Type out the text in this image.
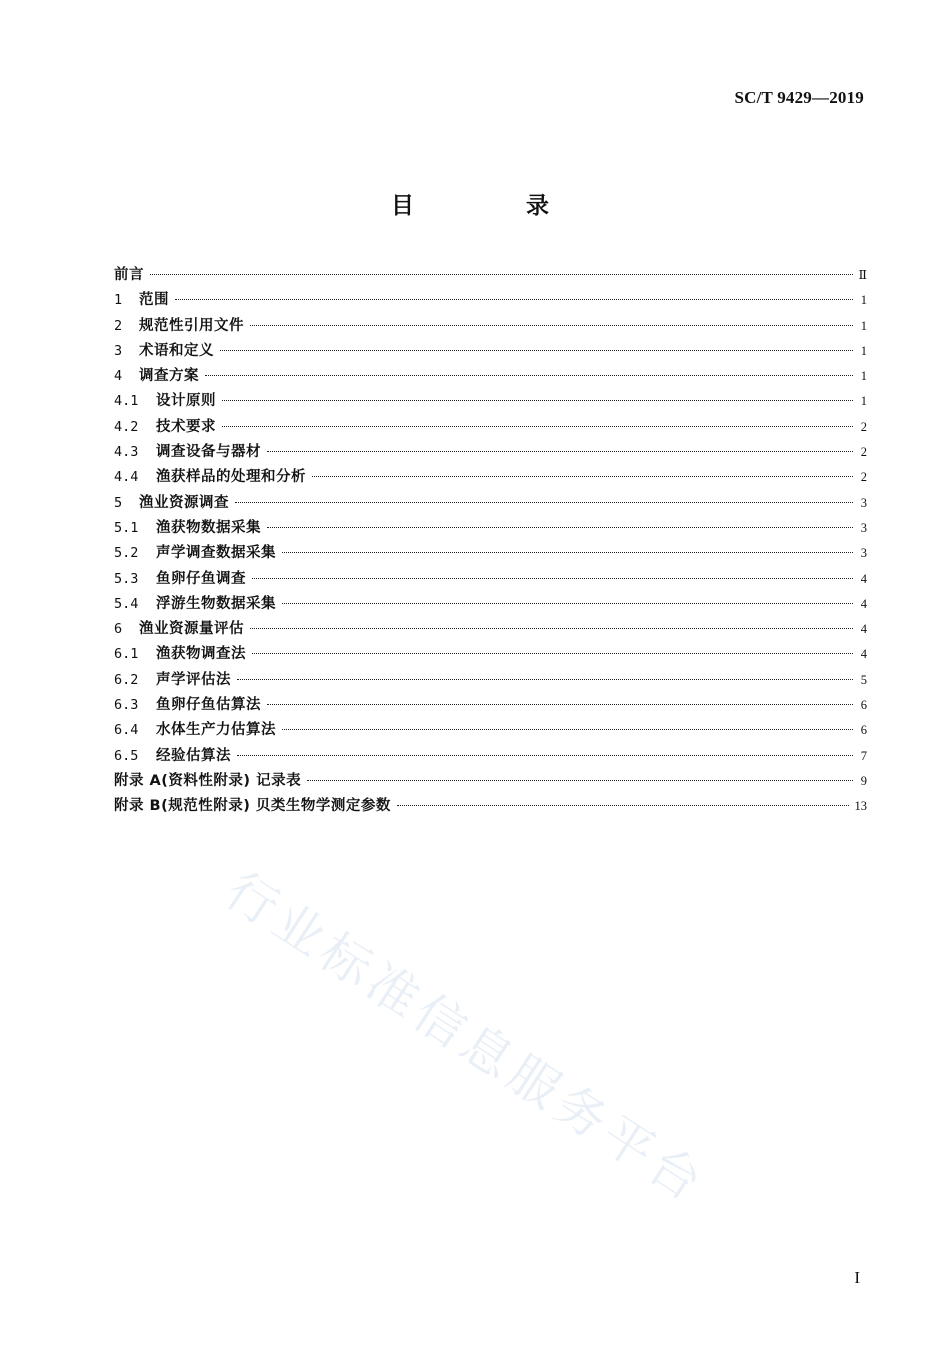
SC/T 9429—2019
目 录
前言	Ⅱ
1	范围	1
2	规范性引用文件	1
3	术语和定义	1
4	调查方案	1
4.1	设计原则	1
4.2	技术要求	2
4.3	调查设备与器材	2
4.4	渔获样品的处理和分析	2
5	渔业资源调查	3
5.1	渔获物数据采集	3
5.2	声学调查数据采集	3
5.3	鱼卵仔鱼调查	4
5.4	浮游生物数据采集	4
6	渔业资源量评估	4
6.1	渔获物调查法	4
6.2	声学评估法	5
6.3	鱼卵仔鱼估算法	6
6.4	水体生产力估算法	6
6.5	经验估算法	7
附录 A(资料性附录) 记录表	9
附录 B(规范性附录) 贝类生物学测定参数	13
行业标准信息服务平台
I
